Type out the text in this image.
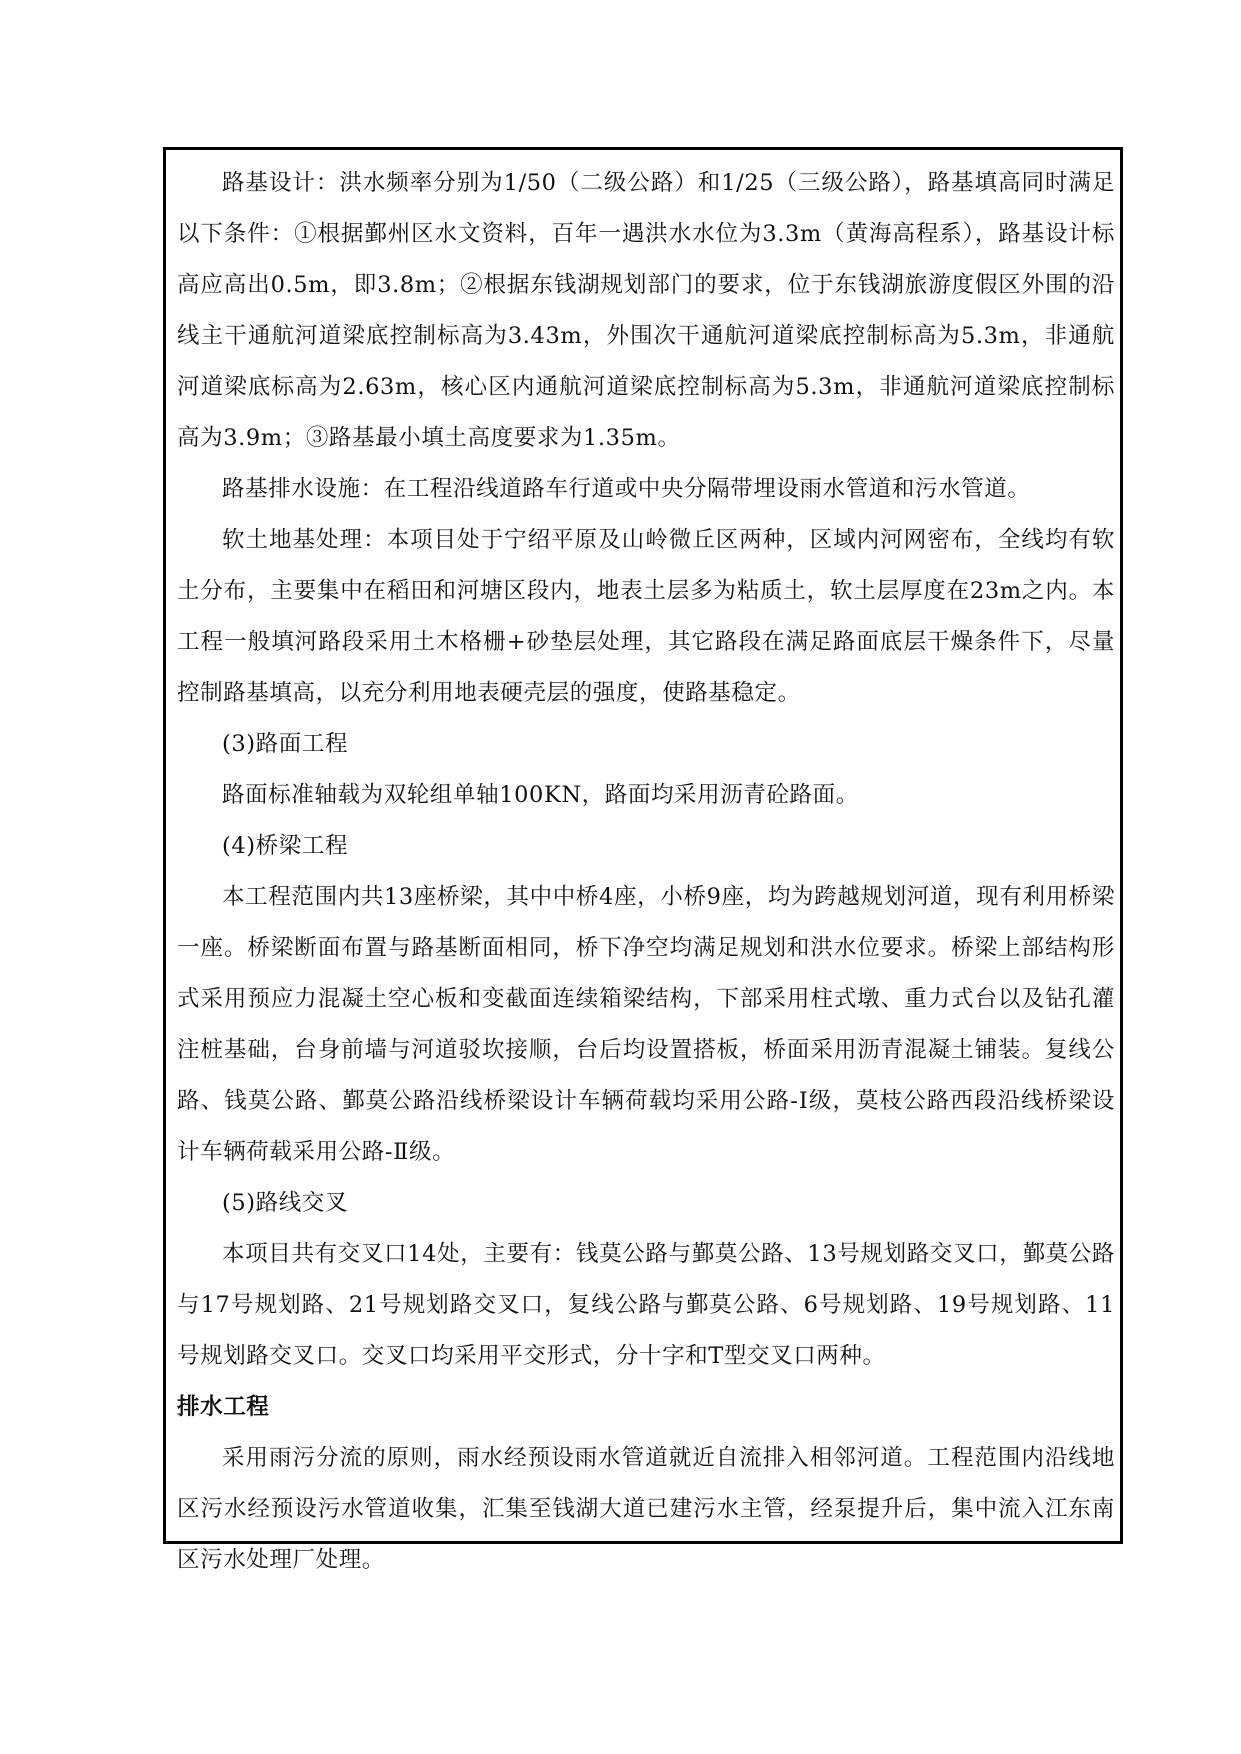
路基设计：洪水频率分别为1/50（二级公路）和1/25（三级公路），路基填高同时满足以下条件：①根据鄞州区水文资料，百年一遇洪水水位为3.3m（黄海高程系），路基设计标高应高出0.5m，即3.8m；②根据东钱湖规划部门的要求，位于东钱湖旅游度假区外围的沿线主干通航河道梁底控制标高为3.43m，外围次干通航河道梁底控制标高为5.3m，非通航河道梁底标高为2.63m，核心区内通航河道梁底控制标高为5.3m，非通航河道梁底控制标高为3.9m；③路基最小填土高度要求为1.35m。

路基排水设施：在工程沿线道路车行道或中央分隔带埋设雨水管道和污水管道。

软土地基处理：本项目处于宁绍平原及山岭微丘区两种，区域内河网密布，全线均有软土分布，主要集中在稻田和河塘区段内，地表土层多为粘质土，软土层厚度在23m之内。本工程一般填河路段采用土木格栅+砂垫层处理，其它路段在满足路面底层干燥条件下，尽量控制路基填高，以充分利用地表硬壳层的强度，使路基稳定。

(3)路面工程

路面标准轴载为双轮组单轴100KN，路面均采用沥青砼路面。

(4)桥梁工程

本工程范围内共13座桥梁，其中中桥4座，小桥9座，均为跨越规划河道，现有利用桥梁一座。桥梁断面布置与路基断面相同，桥下净空均满足规划和洪水位要求。桥梁上部结构形式采用预应力混凝土空心板和变截面连续箱梁结构，下部采用柱式墩、重力式台以及钻孔灌注桩基础，台身前墙与河道驳坎接顺，台后均设置搭板，桥面采用沥青混凝土铺装。复线公路、钱莫公路、鄞莫公路沿线桥梁设计车辆荷载均采用公路-Ⅰ级，莫枝公路西段沿线桥梁设计车辆荷载采用公路-Ⅱ级。

(5)路线交叉

本项目共有交叉口14处，主要有：钱莫公路与鄞莫公路、13号规划路交叉口，鄞莫公路与17号规划路、21号规划路交叉口，复线公路与鄞莫公路、6号规划路、19号规划路、11号规划路交叉口。交叉口均采用平交形式，分十字和T型交叉口两种。

排水工程

采用雨污分流的原则，雨水经预设雨水管道就近自流排入相邻河道。工程范围内沿线地区污水经预设污水管道收集，汇集至钱湖大道已建污水主管，经泵提升后，集中流入江东南区污水处理厂处理。
